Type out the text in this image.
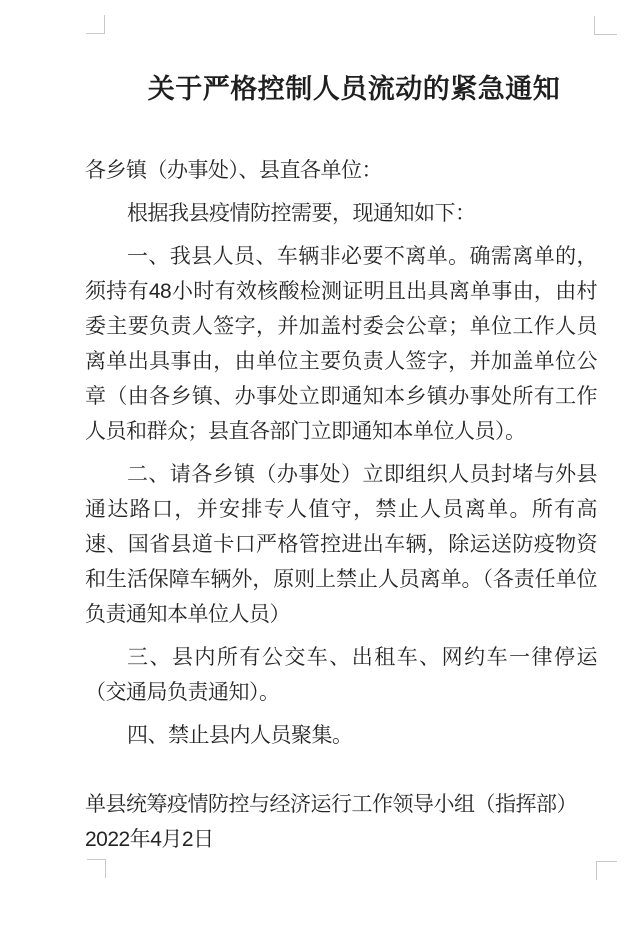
关于严格控制人员流动的紧急通知

各乡镇（办事处）、县直各单位：

根据我县疫情防控需要，现通知如下：

一、我县人员、车辆非必要不离单。确需离单的，须持有48小时有效核酸检测证明且出具离单事由，由村委主要负责人签字，并加盖村委会公章；单位工作人员离单出具事由，由单位主要负责人签字，并加盖单位公章（由各乡镇、办事处立即通知本乡镇办事处所有工作人员和群众；县直各部门立即通知本单位人员）。

二、请各乡镇（办事处）立即组织人员封堵与外县通达路口，并安排专人值守，禁止人员离单。所有高速、国省县道卡口严格管控进出车辆，除运送防疫物资和生活保障车辆外，原则上禁止人员离单。（各责任单位负责通知本单位人员）

三、县内所有公交车、出租车、网约车一律停运（交通局负责通知）。

四、禁止县内人员聚集。

单县统筹疫情防控与经济运行工作领导小组（指挥部）

2022年4月2日
